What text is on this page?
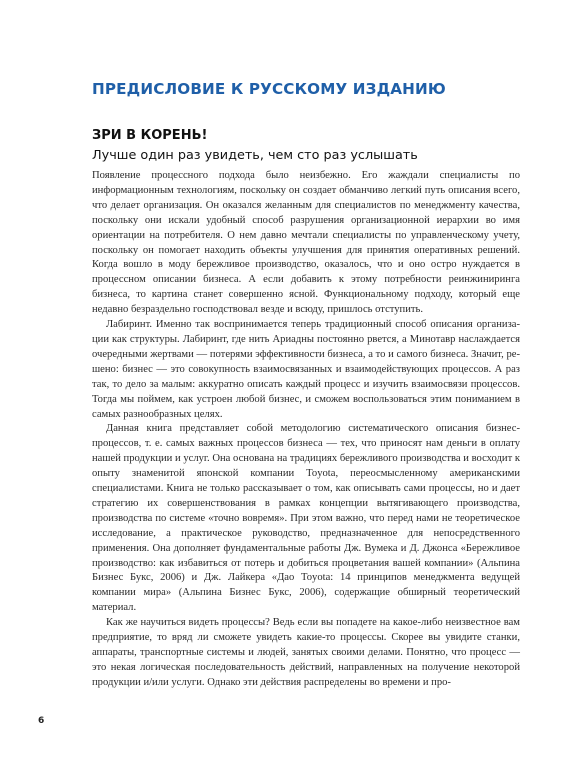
ПРЕДИСЛОВИЕ К РУССКОМУ ИЗДАНИЮ
ЗРИ В КОРЕНЬ!
Лучше один раз увидеть, чем сто раз услышать

Появление процессного подхода было неизбежно. Его жаждали специалисты по информационным технологиям, поскольку он создает обманчиво легкий путь описания всего, что делает организация. Он оказался желанным для специалистов по менеджменту качества, поскольку они искали удобный способ разрушения организационной иерархии во имя ориентации на потребителя. О нем давно мечтали специалисты по управленческому учету, поскольку он помогает находить объекты улучшения для принятия оперативных решений. Когда вошло в моду бережливое производство, оказалось, что и оно остро нуждается в процессном описании бизнеса. А если добавить к этому потребности реинжиниринга бизнеса, то картина станет совершенно ясной. Функциональному подходу, который еще недавно безраздельно господствовал везде и всюду, пришлось отступить.

Лабиринт. Именно так воспринимается теперь традиционный способ описания организации как структуры. Лабиринт, где нить Ариадны постоянно рвется, а Минотавр наслаждается очередными жертвами — потерями эффективности бизнеса, а то и самого бизнеса. Значит, решено: бизнес — это совокупность взаимосвязанных и взаимодействующих процессов. А раз так, то дело за малым: аккуратно описать каждый процесс и изучить взаимосвязи процессов. Тогда мы поймем, как устроен любой бизнес, и сможем воспользоваться этим пониманием в самых разнообразных целях.

Данная книга представляет собой методологию систематического описания бизнес-процессов, т. е. самых важных процессов бизнеса — тех, что приносят нам деньги в оплату нашей продукции и услуг. Она основана на традициях бережливого производства и восходит к опыту знаменитой японской компании Toyota, переосмысленному американскими специалистами. Книга не только рассказывает о том, как описывать сами процессы, но и дает стратегию их совершенствования в рамках концепции вытягивающего производства, производства по системе «точно вовремя». При этом важно, что перед нами не теоретическое исследование, а практическое руководство, предназначенное для непосредственного применения. Она дополняет фундаментальные работы Дж. Вумека и Д. Джонса «Бережливое производство: как избавиться от потерь и добиться процветания вашей компании» (Альпина Бизнес Букс, 2006) и Дж. Лайкера «Дао Toyota: 14 принципов менеджмента ведущей компании мира» (Альпина Бизнес Букс, 2006), содержащие обширный теоретический материал.

Как же научиться видеть процессы? Ведь если вы попадете на какое-либо неизвестное вам предприятие, то вряд ли сможете увидеть какие-то процессы. Скорее вы увидите станки, аппараты, транспортные системы и людей, занятых своими делами. Понятно, что процесс — это некая логическая последовательность действий, направленных на получение некоторой продукции и/или услуги. Однако эти действия распределены во времени и про-

6
